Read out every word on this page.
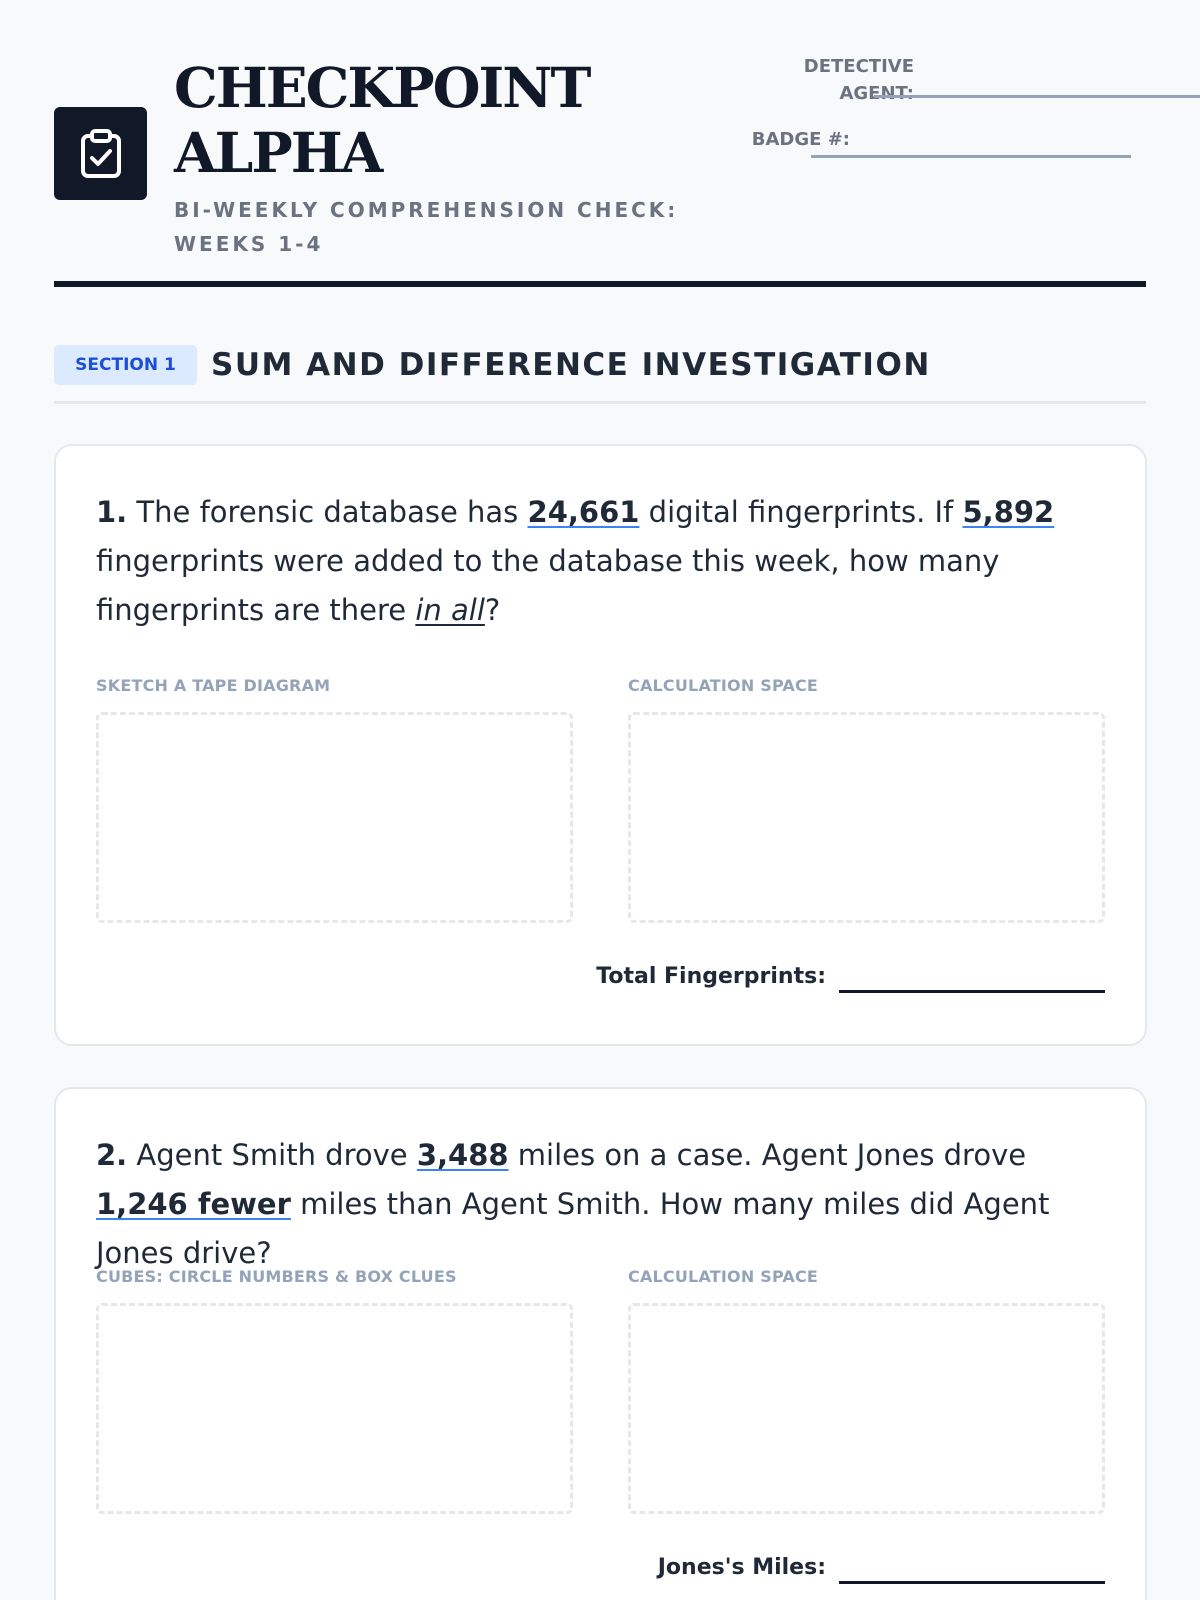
CHECKPOINT ALPHA
BI-WEEKLY COMPREHENSION CHECK: WEEKS 1-4
DETECTIVE
AGENT:
BADGE #:
SECTION 1	SUM AND DIFFERENCE INVESTIGATION
1. The forensic database has 24,661 digital fingerprints. If 5,892 fingerprints were added to the database this week, how many fingerprints are there in all?
SKETCH A TAPE DIAGRAM	CALCULATION SPACE
Total Fingerprints:
2. Agent Smith drove 3,488 miles on a case. Agent Jones drove 1,246 fewer miles than Agent Smith. How many miles did Agent Jones drive?
CUBES: CIRCLE NUMBERS & BOX CLUES	CALCULATION SPACE
Jones's Miles:
